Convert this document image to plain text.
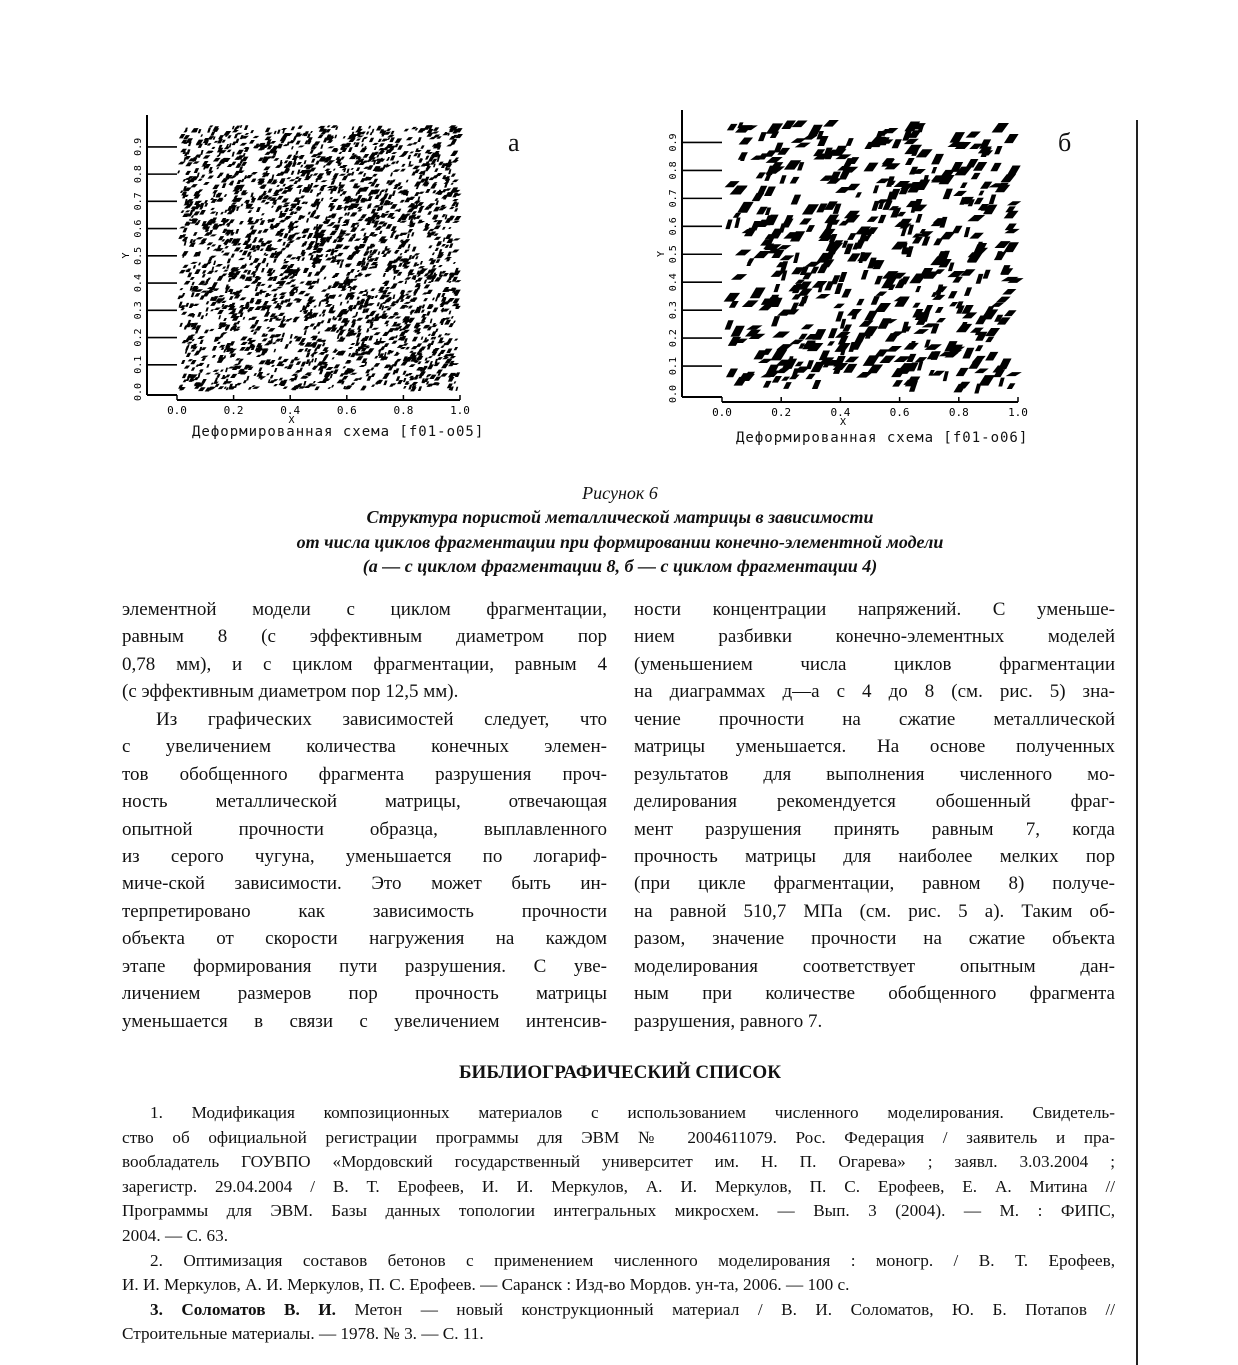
0.0
0.1
0.2
0.3
0.4
0.5
0.6
0.7
0.8
0.9
0.0	0.2	0.4	0.6	0.8	1.0
X
Y
а
Деформированная схема [f01-o05]
0.0
0.1
0.2
0.3
0.4
0.5
0.6
0.7
0.8
0.9
0.0	0.2	0.4	0.6	0.8	1.0
X
Y
б
Деформированная схема [f01-o06]
Рисунок 6
Структура пористой металлической матрицы в зависимости
от числа циклов фрагментации при формировании конечно-элементной модели
(а — с циклом фрагментации 8, б — с циклом фрагментации 4)
элементной модели с циклом фрагментации,
равным 8 (с эффективным диаметром пор
0,78 мм), и с циклом фрагментации, равным 4
(с эффективным диаметром пор 12,5 мм).
Из графических зависимостей следует, что
с увеличением количества конечных элемен-
тов обобщенного фрагмента разрушения проч-
ность металлической матрицы, отвечающая
опытной прочности образца, выплавленного
из серого чугуна, уменьшается по логариф-
миче-ской зависимости. Это может быть ин-
терпретировано как зависимость прочности
объекта от скорости нагружения на каждом
этапе формирования пути разрушения. С уве-
личением размеров пор прочность матрицы
уменьшается в связи с увеличением интенсив-
ности концентрации напряжений. С уменьше-
нием разбивки конечно-элементных моделей
(уменьшением числа циклов фрагментации
на диаграммах д—а с 4 до 8 (см. рис. 5) зна-
чение прочности на сжатие металлической
матрицы уменьшается. На основе полученных
результатов для выполнения численного мо-
делирования рекомендуется обошенный фраг-
мент разрушения принять равным 7, когда
прочность матрицы для наиболее мелких пор
(при цикле фрагментации, равном 8) получе-
на равной 510,7 МПа (см. рис. 5 а). Таким об-
разом, значение прочности на сжатие объекта
моделирования соответствует опытным дан-
ным при количестве обобщенного фрагмента
разрушения, равного 7.
БИБЛИОГРАФИЧЕСКИЙ СПИСОК
1. Модификация композиционных материалов с использованием численного моделирования. Свидетель-
ство об официальной регистрации программы для ЭВМ № 2004611079. Рос. Федерация / заявитель и пра-
вообладатель ГОУВПО «Мордовский государственный университет им. Н. П. Огарева» ; заявл. 3.03.2004 ;
зарегистр. 29.04.2004 / В. Т. Ерофеев, И. И. Меркулов, А. И. Меркулов, П. С. Ерофеев, Е. А. Митина //
Программы для ЭВМ. Базы данных топологии интегральных микросхем. — Вып. 3 (2004). — М. : ФИПС,
2004. — С. 63.
2. Оптимизация составов бетонов с применением численного моделирования : моногр. / В. Т. Ерофеев,
И. И. Меркулов, А. И. Меркулов, П. С. Ерофеев. — Саранск : Изд-во Мордов. ун-та, 2006. — 100 с.
3. Соломатов В. И. Метон — новый конструкционный материал / В. И. Соломатов, Ю. Б. Потапов //
Строительные материалы. — 1978. № 3. — С. 11.
